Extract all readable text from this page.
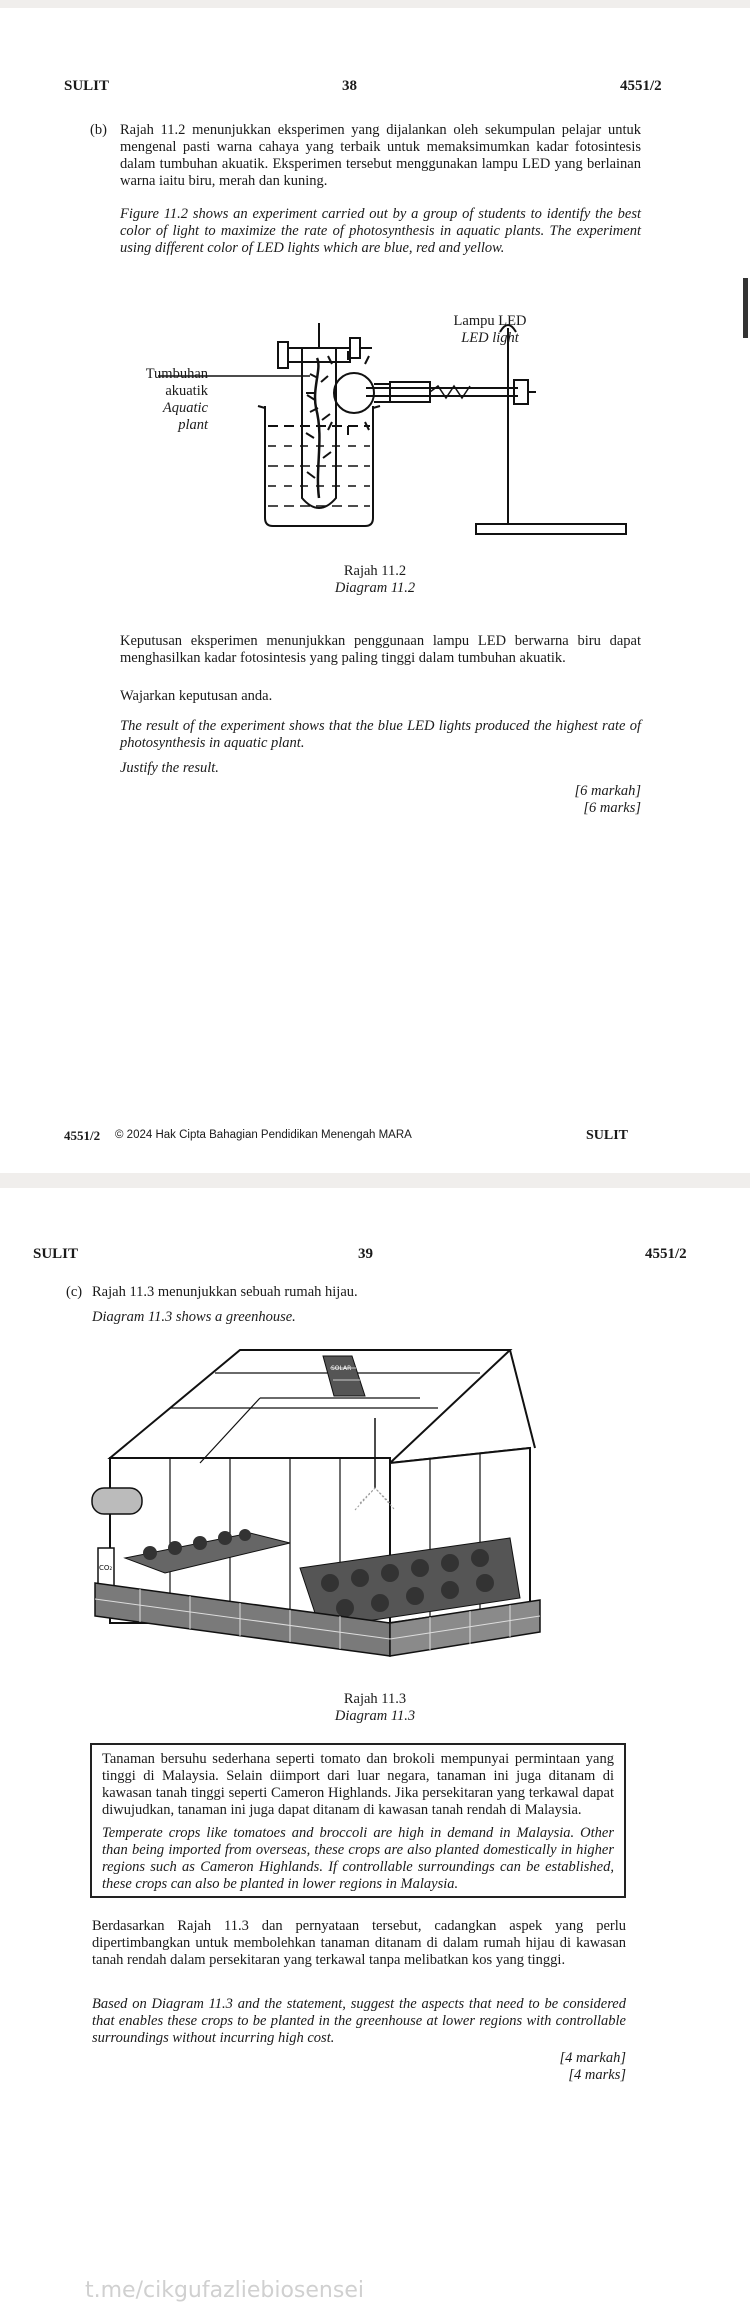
SULIT	38	4551/2
(b) Rajah 11.2 menunjukkan eksperimen yang dijalankan oleh sekumpulan pelajar untuk mengenal pasti warna cahaya yang terbaik untuk memaksimumkan kadar fotosintesis dalam tumbuhan akuatik. Eksperimen tersebut menggunakan lampu LED yang berlainan warna iaitu biru, merah dan kuning.
Figure 11.2 shows an experiment carried out by a group of students to identify the best color of light to maximize the rate of photosynthesis in aquatic plants. The experiment using different color of LED lights which are blue, red and yellow.
Lampu LED
LED light
Tumbuhan
akuatik
Aquatic
plant
Rajah 11.2
Diagram 11.2
Keputusan eksperimen menunjukkan penggunaan lampu LED berwarna biru dapat menghasilkan kadar fotosintesis yang paling tinggi dalam tumbuhan akuatik.
Wajarkan keputusan anda.
The result of the experiment shows that the blue LED lights produced the highest rate of photosynthesis in aquatic plant.
Justify the result.
[6 markah]
[6 marks]
4551/2 © 2024 Hak Cipta Bahagian Pendidikan Menengah MARA	SULIT
SULIT	39	4551/2
(c) Rajah 11.3 menunjukkan sebuah rumah hijau.
Diagram 11.3 shows a greenhouse.
SOLAR
CO₂
Rajah 11.3
Diagram 11.3
Tanaman bersuhu sederhana seperti tomato dan brokoli mempunyai permintaan yang tinggi di Malaysia. Selain diimport dari luar negara, tanaman ini juga ditanam di kawasan tanah tinggi seperti Cameron Highlands. Jika persekitaran yang terkawal dapat diwujudkan, tanaman ini juga dapat ditanam di kawasan tanah rendah di Malaysia.
Temperate crops like tomatoes and broccoli are high in demand in Malaysia. Other than being imported from overseas, these crops are also planted domestically in higher regions such as Cameron Highlands. If controllable surroundings can be established, these crops can also be planted in lower regions in Malaysia.
Berdasarkan Rajah 11.3 dan pernyataan tersebut, cadangkan aspek yang perlu dipertimbangkan untuk membolehkan tanaman ditanam di dalam rumah hijau di kawasan tanah rendah dalam persekitaran yang terkawal tanpa melibatkan kos yang tinggi.
Based on Diagram 11.3 and the statement, suggest the aspects that need to be considered that enables these crops to be planted in the greenhouse at lower regions with controllable surroundings without incurring high cost.
[4 markah]
[4 marks]
t.me/cikgufazliebiosensei
